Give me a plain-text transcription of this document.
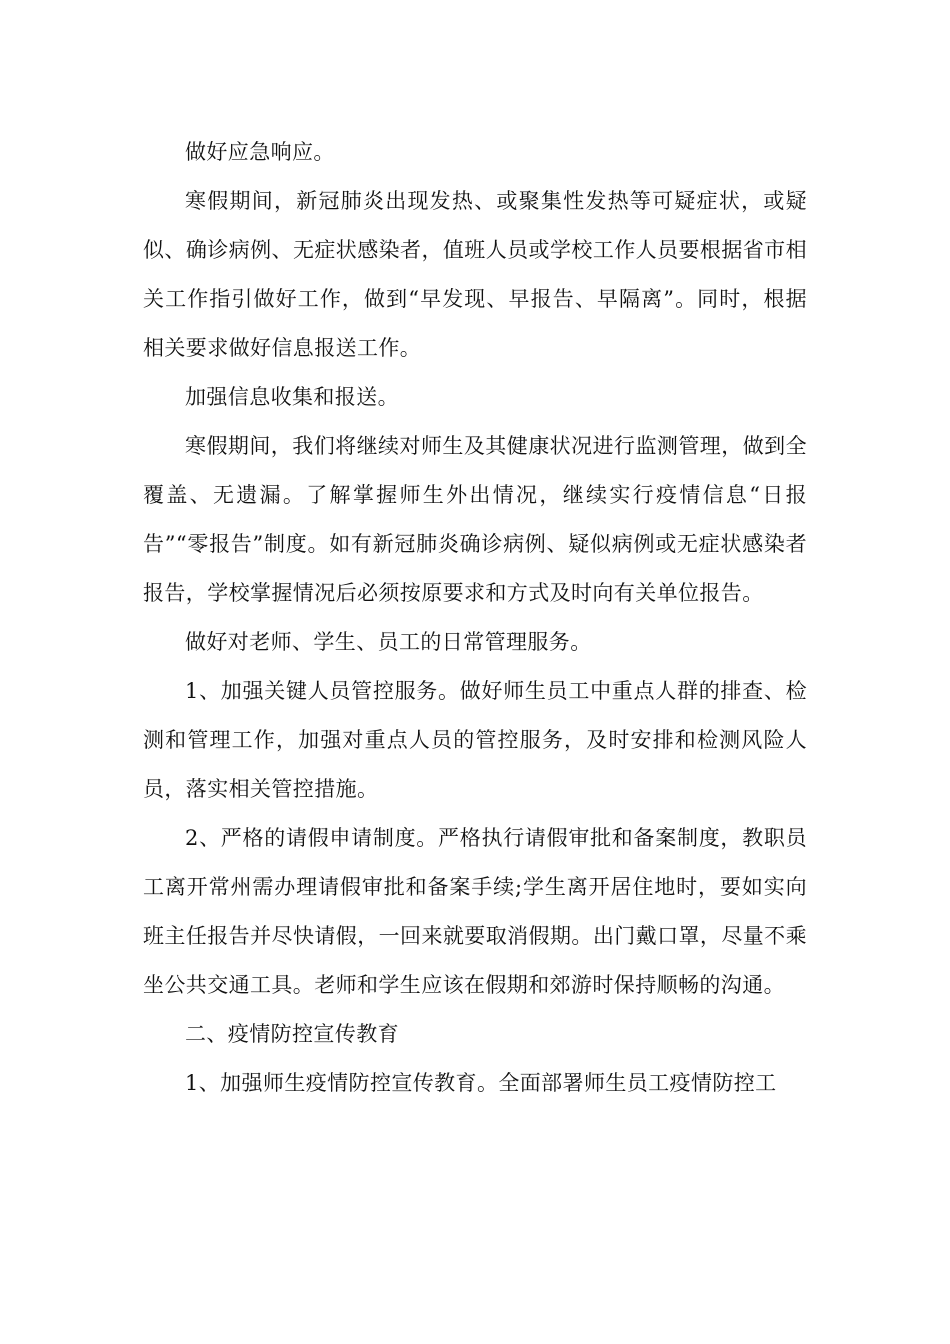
做好应急响应。

寒假期间，新冠肺炎出现发热、或聚集性发热等可疑症状，或疑似、确诊病例、无症状感染者，值班人员或学校工作人员要根据省市相关工作指引做好工作，做到“早发现、早报告、早隔离”。同时，根据相关要求做好信息报送工作。

加强信息收集和报送。

寒假期间，我们将继续对师生及其健康状况进行监测管理，做到全覆盖、无遗漏。了解掌握师生外出情况，继续实行疫情信息“日报告”“零报告”制度。如有新冠肺炎确诊病例、疑似病例或无症状感染者报告，学校掌握情况后必须按原要求和方式及时向有关单位报告。

做好对老师、学生、员工的日常管理服务。

1、加强关键人员管控服务。做好师生员工中重点人群的排查、检测和管理工作，加强对重点人员的管控服务，及时安排和检测风险人员，落实相关管控措施。

2、严格的请假申请制度。严格执行请假审批和备案制度，教职员工离开常州需办理请假审批和备案手续;学生离开居住地时，要如实向班主任报告并尽快请假，一回来就要取消假期。出门戴口罩，尽量不乘坐公共交通工具。老师和学生应该在假期和郊游时保持顺畅的沟通。

二、疫情防控宣传教育

1、加强师生疫情防控宣传教育。全面部署师生员工疫情防控工
